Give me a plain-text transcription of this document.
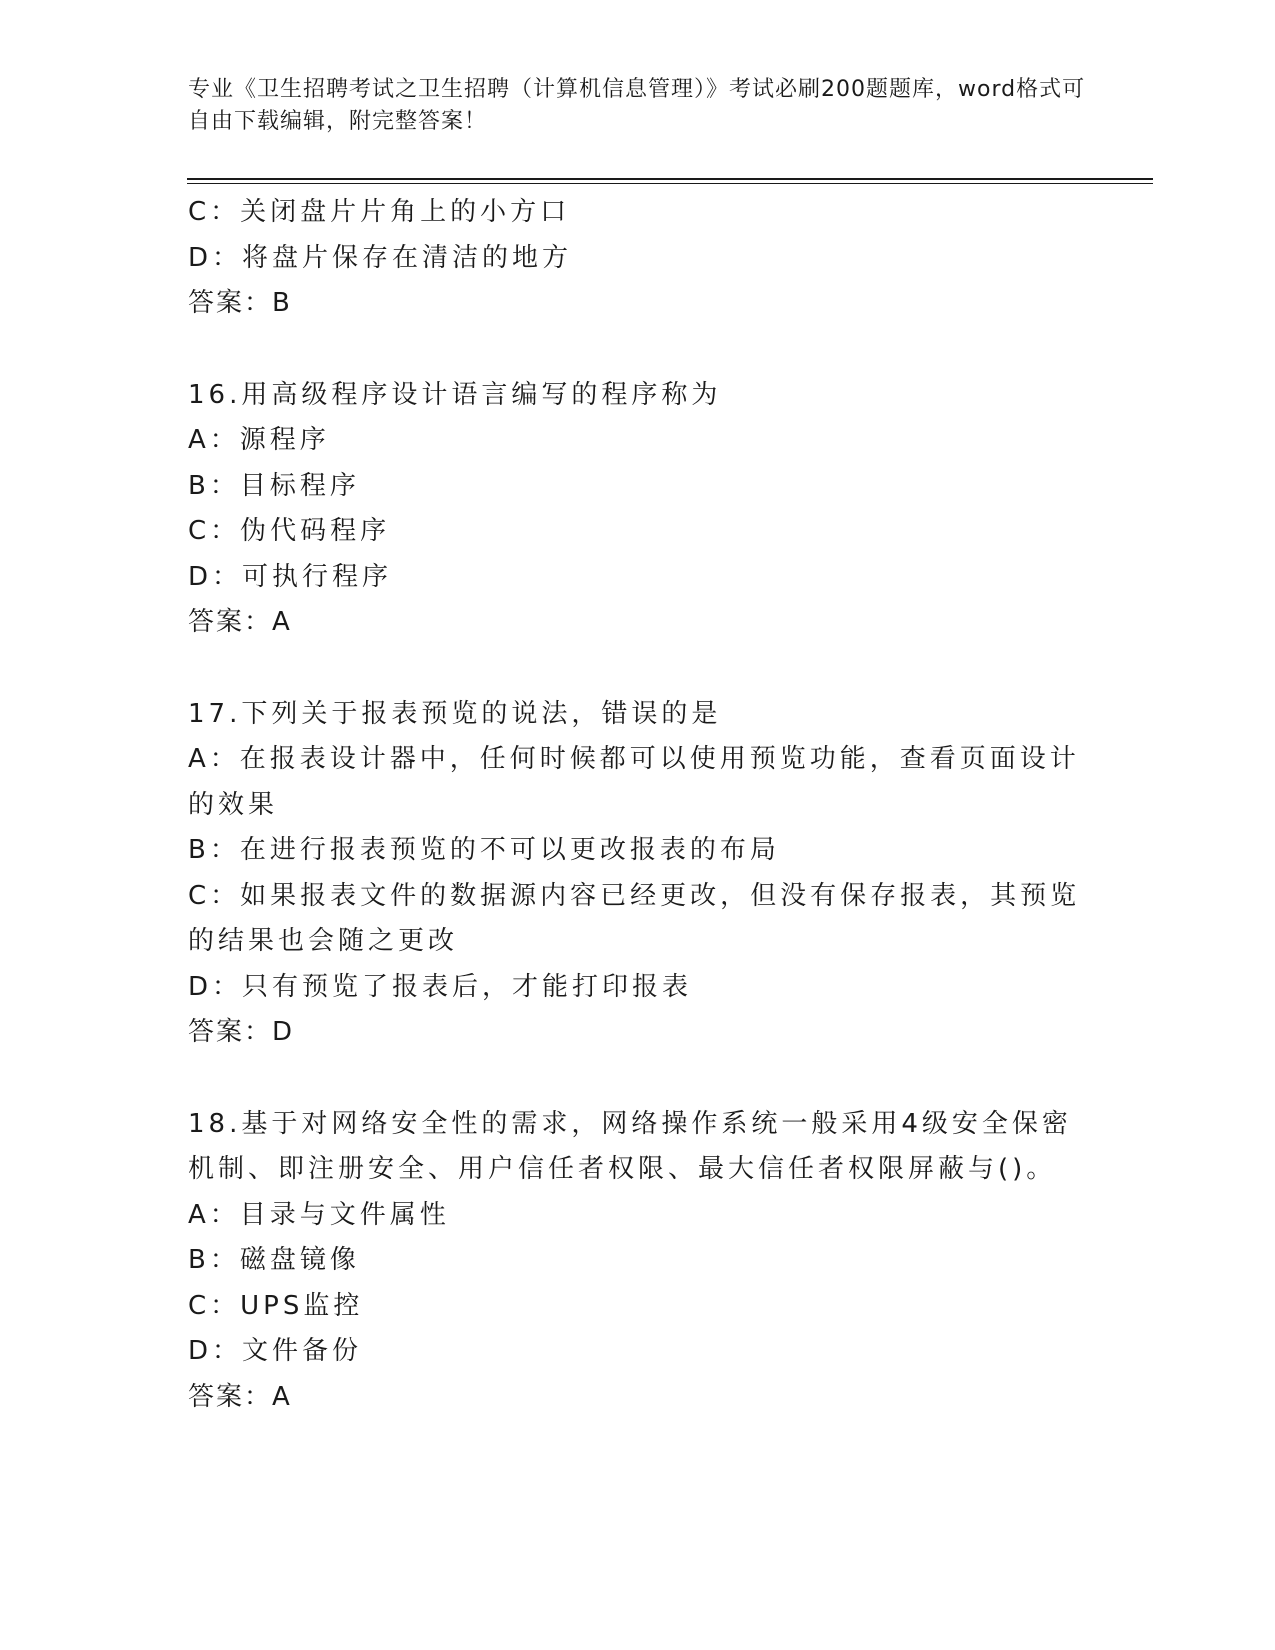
专业《卫生招聘考试之卫生招聘（计算机信息管理）》考试必刷200题题库，word格式可自由下载编辑，附完整答案！
C：关闭盘片片角上的小方口
D：将盘片保存在清洁的地方
答案：B
16.用高级程序设计语言编写的程序称为
A：源程序
B：目标程序
C：伪代码程序
D：可执行程序
答案：A
17.下列关于报表预览的说法，错误的是
A：在报表设计器中，任何时候都可以使用预览功能，查看页面设计的效果
B：在进行报表预览的不可以更改报表的布局
C：如果报表文件的数据源内容已经更改，但没有保存报表，其预览的结果也会随之更改
D：只有预览了报表后，才能打印报表
答案：D
18.基于对网络安全性的需求，网络操作系统一般采用4级安全保密机制、即注册安全、用户信任者权限、最大信任者权限屏蔽与()。
A：目录与文件属性
B：磁盘镜像
C：UPS监控
D：文件备份
答案：A
